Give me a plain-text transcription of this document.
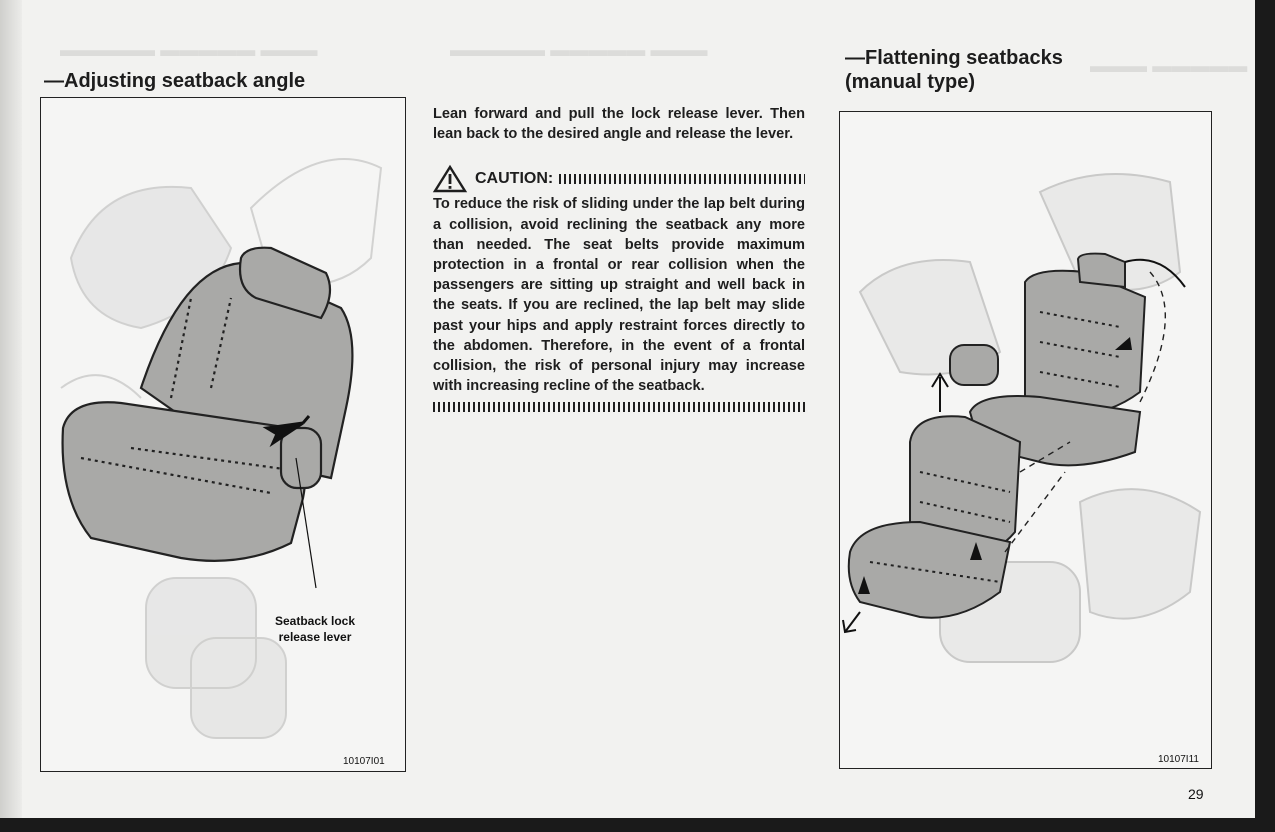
▬▬▬▬▬ ▬▬▬▬▬ ▬▬▬	▬▬▬▬▬ ▬▬▬▬▬ ▬▬▬
▬▬▬▬▬ ▬▬▬
—Adjusting seatback angle
Seatback lock release lever
10107I01

Lean forward and pull the lock release lever. Then lean back to the desired angle and release the lever.

CAUTION:

To reduce the risk of sliding under the lap belt during a collision, avoid reclining the seatback any more than needed. The seat belts provide maximum protection in a frontal or rear collision when the passengers are sitting up straight and well back in the seats. If you are reclined, the lap belt may slide past your hips and apply restraint forces directly to the abdomen. Therefore, in the event of a frontal collision, the risk of personal injury may increase with increasing recline of the seatback.

—Flattening seatbacks
(manual type)
10107I11
29
